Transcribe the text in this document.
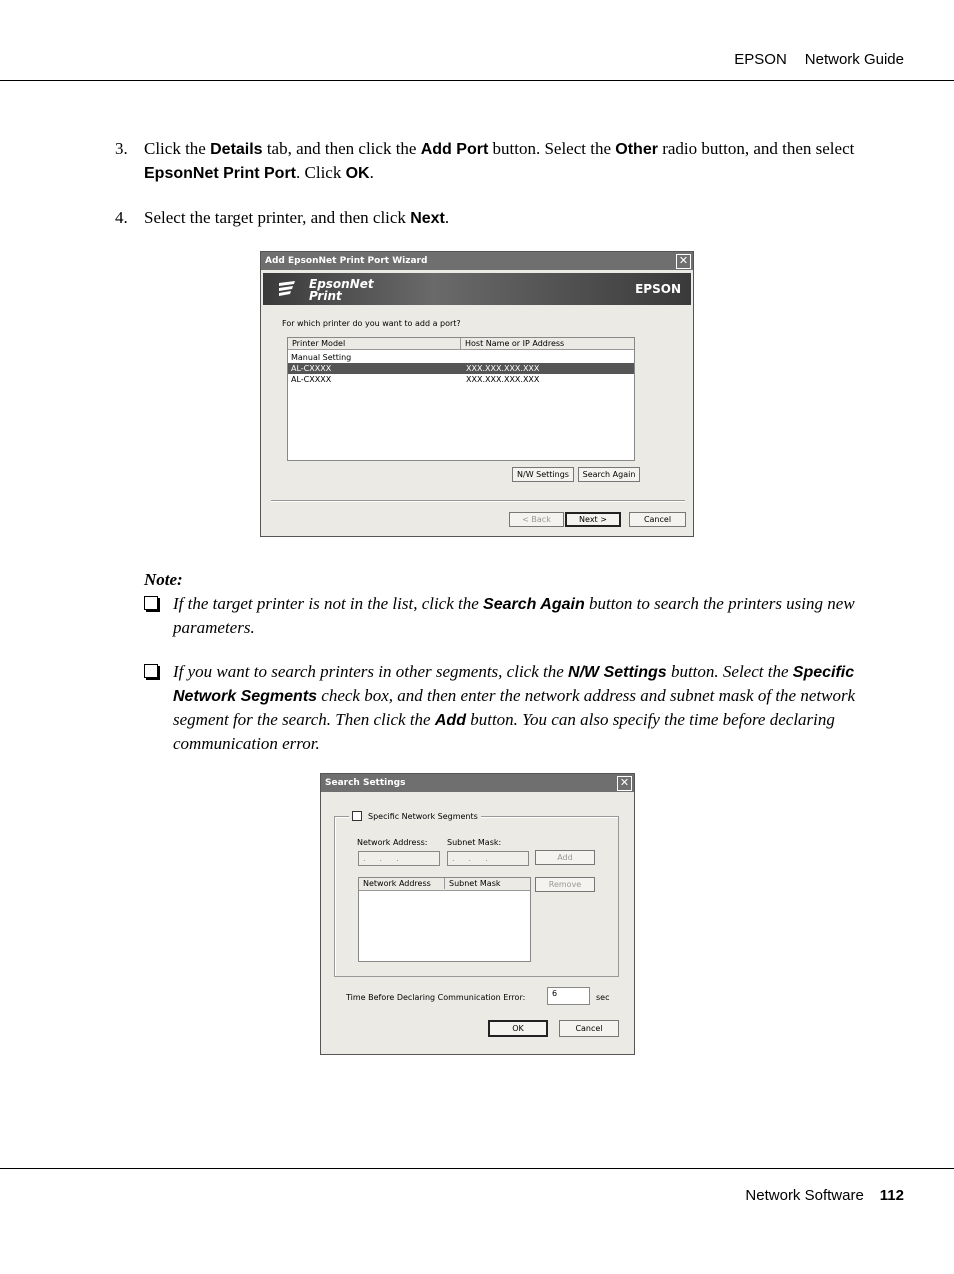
EPSON Network Guide
3. Click the Details tab, and then click the Add Port button. Select the Other radio button, and then select EpsonNet Print Port. Click OK.
4. Select the target printer, and then click Next.
Add EpsonNet Print Port Wizard	✕
EpsonNet
Print	EPSON
For which printer do you want to add a port?
Printer Model	Host Name or IP Address
Manual Setting
AL-CXXXX	XXX.XXX.XXX.XXX
AL-CXXXX	XXX.XXX.XXX.XXX
N/W Settings	Search Again
< Back	Next >	Cancel
Note:
If the target printer is not in the list, click the Search Again button to search the printers using new parameters.
If you want to search printers in other segments, click the N/W Settings button. Select the Specific Network Segments check box, and then enter the network address and subnet mask of the network segment for the search. Then click the Add button. You can also specify the time before declaring communication error.
Search Settings	✕
Specific Network Segments
Network Address: Subnet Mask:
...	...	Add
Remove
Network Address	Subnet Mask
Time Before Declaring Communication Error:	6	sec
OK	Cancel
Network Software 112
